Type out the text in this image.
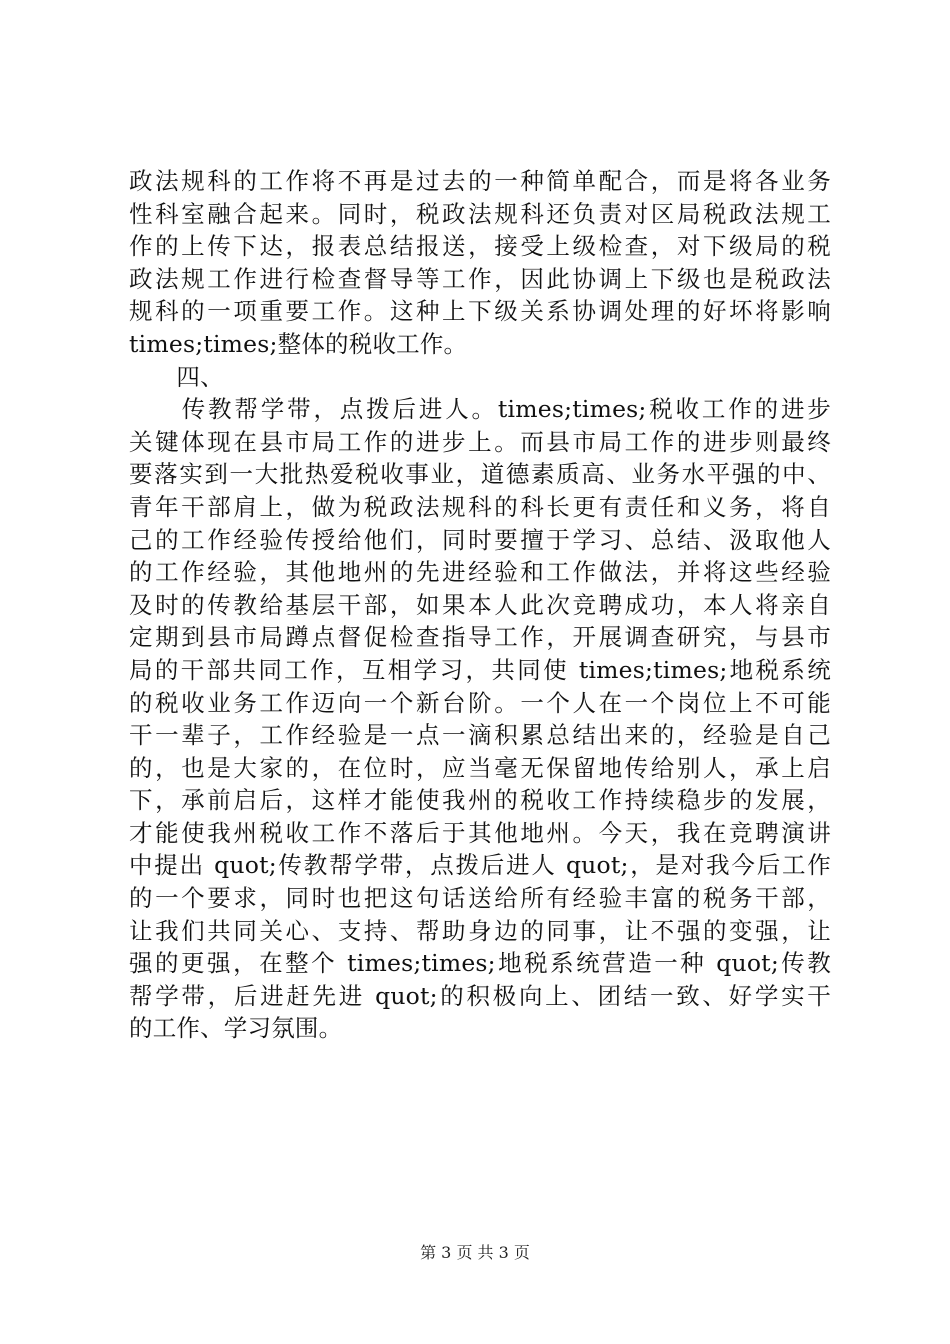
政法规科的工作将不再是过去的一种简单配合，而是将各业务
性科室融合起来。同时，税政法规科还负责对区局税政法规工
作的上传下达，报表总结报送，接受上级检查，对下级局的税
政法规工作进行检查督导等工作，因此协调上下级也是税政法
规科的一项重要工作。这种上下级关系协调处理的好坏将影响
times;times;整体的税收工作。
　　四、
　　传教帮学带，点拨后进人。times;times;税收工作的进步
关键体现在县市局工作的进步上。而县市局工作的进步则最终
要落实到一大批热爱税收事业，道德素质高、业务水平强的中、
青年干部肩上，做为税政法规科的科长更有责任和义务，将自
己的工作经验传授给他们，同时要擅于学习、总结、汲取他人
的工作经验，其他地州的先进经验和工作做法，并将这些经验
及时的传教给基层干部，如果本人此次竞聘成功，本人将亲自
定期到县市局蹲点督促检查指导工作，开展调查研究，与县市
局的干部共同工作，互相学习，共同使 times;times;地税系统
的税收业务工作迈向一个新台阶。一个人在一个岗位上不可能
干一辈子，工作经验是一点一滴积累总结出来的，经验是自己
的，也是大家的，在位时，应当毫无保留地传给别人，承上启
下，承前启后，这样才能使我州的税收工作持续稳步的发展，
才能使我州税收工作不落后于其他地州。今天，我在竞聘演讲
中提出 quot;传教帮学带，点拨后进人 quot;，是对我今后工作
的一个要求，同时也把这句话送给所有经验丰富的税务干部，
让我们共同关心、支持、帮助身边的同事，让不强的变强，让
强的更强，在整个 times;times;地税系统营造一种 quot;传教
帮学带，后进赶先进 quot;的积极向上、团结一致、好学实干
的工作、学习氛围。
第 3 页 共 3 页
